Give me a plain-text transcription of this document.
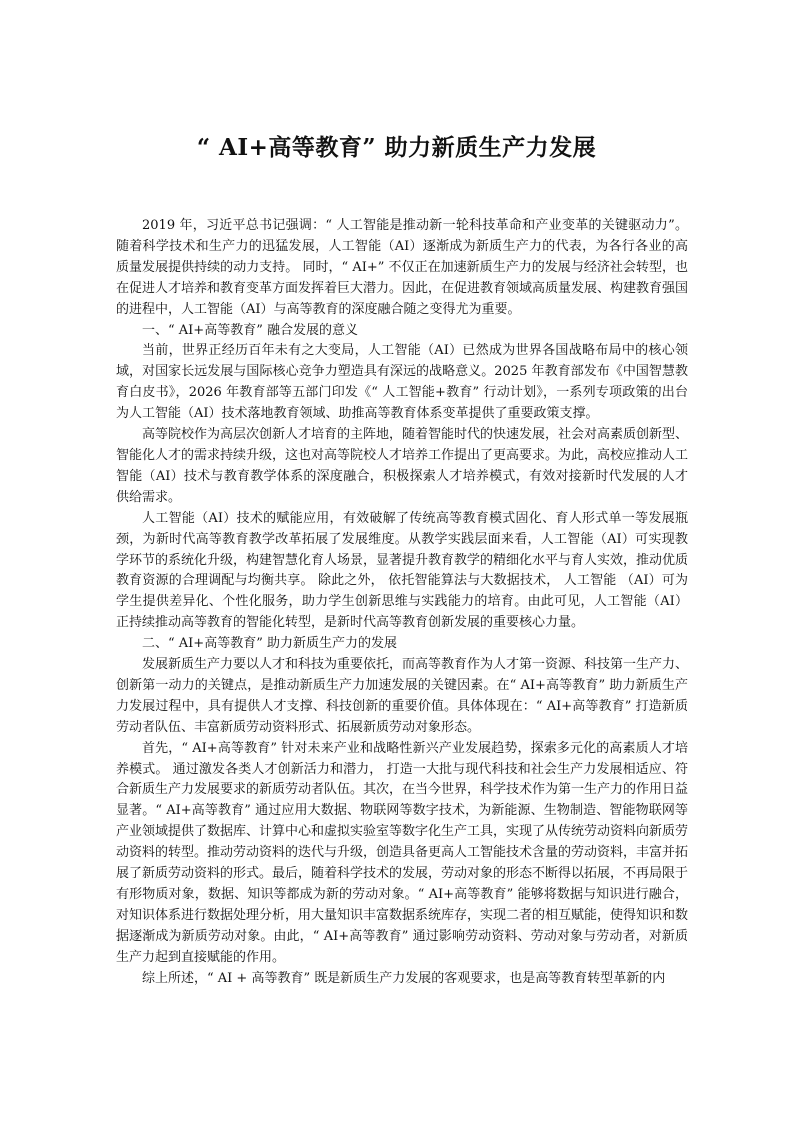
“ AI+高等教育” 助力新质生产力发展

2019 年，习近平总书记强调：“ 人工智能是推动新一轮科技革命和产业变革的关键驱动力”。随着科学技术和生产力的迅猛发展，人工智能（AI）逐渐成为新质生产力的代表，为各行各业的高质量发展提供持续的动力支持。 同时，“ AI+” 不仅正在加速新质生产力的发展与经济社会转型，也在促进人才培养和教育变革方面发挥着巨大潜力。因此，在促进教育领域高质量发展、构建教育强国的进程中，人工智能（AI）与高等教育的深度融合随之变得尤为重要。

一、“ AI+高等教育” 融合发展的意义

当前，世界正经历百年未有之大变局，人工智能（AI）已然成为世界各国战略布局中的核心领域，对国家长远发展与国际核心竞争力塑造具有深远的战略意义。2025 年教育部发布《中国智慧教育白皮书》，2026 年教育部等五部门印发《“ 人工智能+教育” 行动计划》，一系列专项政策的出台为人工智能（AI）技术落地教育领域、助推高等教育体系变革提供了重要政策支撑。

高等院校作为高层次创新人才培育的主阵地，随着智能时代的快速发展，社会对高素质创新型、智能化人才的需求持续升级，这也对高等院校人才培养工作提出了更高要求。为此，高校应推动人工智能（AI）技术与教育教学体系的深度融合，积极探索人才培养模式，有效对接新时代发展的人才供给需求。

人工智能（AI）技术的赋能应用，有效破解了传统高等教育模式固化、育人形式单一等发展瓶颈，为新时代高等教育教学改革拓展了发展维度。从教学实践层面来看，人工智能（AI）可实现教学环节的系统化升级，构建智慧化育人场景，显著提升教育教学的精细化水平与育人实效，推动优质教育资源的合理调配与均衡共享。 除此之外， 依托智能算法与大数据技术， 人工智能 （AI）可为学生提供差异化、个性化服务，助力学生创新思维与实践能力的培育。由此可见，人工智能（AI）正持续推动高等教育的智能化转型，是新时代高等教育创新发展的重要核心力量。

二、“ AI+高等教育” 助力新质生产力的发展

发展新质生产力要以人才和科技为重要依托，而高等教育作为人才第一资源、科技第一生产力、创新第一动力的关键点，是推动新质生产力加速发展的关键因素。在“ AI+高等教育” 助力新质生产力发展过程中，具有提供人才支撑、科技创新的重要价值。具体体现在：“ AI+高等教育” 打造新质劳动者队伍、丰富新质劳动资料形式、拓展新质劳动对象形态。

首先，“ AI+高等教育” 针对未来产业和战略性新兴产业发展趋势，探索多元化的高素质人才培养模式。 通过激发各类人才创新活力和潜力， 打造一大批与现代科技和社会生产力发展相适应、符合新质生产力发展要求的新质劳动者队伍。其次，在当今世界，科学技术作为第一生产力的作用日益显著。“ AI+高等教育” 通过应用大数据、物联网等数字技术，为新能源、生物制造、智能物联网等产业领域提供了数据库、计算中心和虚拟实验室等数字化生产工具，实现了从传统劳动资料向新质劳动资料的转型。推动劳动资料的迭代与升级，创造具备更高人工智能技术含量的劳动资料，丰富并拓展了新质劳动资料的形式。最后，随着科学技术的发展，劳动对象的形态不断得以拓展，不再局限于有形物质对象，数据、知识等都成为新的劳动对象。“ AI+高等教育” 能够将数据与知识进行融合，对知识体系进行数据处理分析，用大量知识丰富数据系统库存，实现二者的相互赋能，使得知识和数据逐渐成为新质劳动对象。由此，“ AI+高等教育” 通过影响劳动资料、劳动对象与劳动者，对新质生产力起到直接赋能的作用。

综上所述，“ AI + 高等教育” 既是新质生产力发展的客观要求，也是高等教育转型革新的内
